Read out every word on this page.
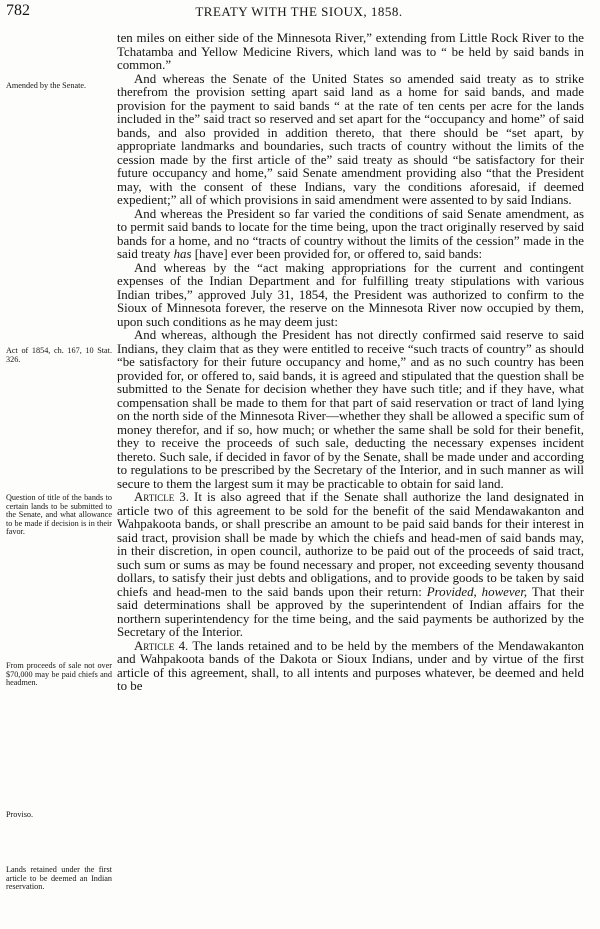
782	TREATY WITH THE SIOUX, 1858.
Amended by the Senate.
Act of 1854, ch. 167, 10 Stat. 326.
Question of title of the bands to certain lands to be submitted to the Senate, and what allowance to be made if decision is in their favor.
From proceeds of sale not over $70,000 may be paid chiefs and headmen.
Proviso.
Lands retained under the first article to be deemed an Indian reservation.

ten miles on either side of the Minnesota River,” extending from Little Rock River to the Tchatamba and Yellow Medicine Rivers, which land was to “ be held by said bands in common.”

And whereas the Senate of the United States so amended said treaty as to strike therefrom the provision setting apart said land as a home for said bands, and made provision for the payment to said bands “ at the rate of ten cents per acre for the lands included in the” said tract so reserved and set apart for the “occupancy and home” of said bands, and also provided in addition thereto, that there should be “set apart, by appropriate landmarks and boundaries, such tracts of country without the limits of the cession made by the first article of the” said treaty as should “be satisfactory for their future occupancy and home,” said Senate amendment providing also “that the President may, with the consent of these Indians, vary the conditions aforesaid, if deemed expedient;” all of which provisions in said amendment were assented to by said Indians.

And whereas the President so far varied the conditions of said Senate amendment, as to permit said bands to locate for the time being, upon the tract originally reserved by said bands for a home, and no “tracts of country without the limits of the cession” made in the said treaty has [have] ever been provided for, or offered to, said bands:

And whereas by the “act making appropriations for the current and contingent expenses of the Indian Department and for fulfilling treaty stipulations with various Indian tribes,” approved July 31, 1854, the President was authorized to confirm to the Sioux of Minnesota forever, the reserve on the Minnesota River now occupied by them, upon such conditions as he may deem just:

And whereas, although the President has not directly confirmed said reserve to said Indians, they claim that as they were entitled to receive “such tracts of country” as should “be satisfactory for their future occupancy and home,” and as no such country has been provided for, or offered to, said bands, it is agreed and stipulated that the question shall be submitted to the Senate for decision whether they have such title; and if they have, what compensation shall be made to them for that part of said reservation or tract of land lying on the north side of the Minnesota River—whether they shall be allowed a specific sum of money therefor, and if so, how much; or whether the same shall be sold for their benefit, they to receive the proceeds of such sale, deducting the necessary expenses incident thereto. Such sale, if decided in favor of by the Senate, shall be made under and according to regulations to be prescribed by the Secretary of the Interior, and in such manner as will secure to them the largest sum it may be practicable to obtain for said land.

Article 3. It is also agreed that if the Senate shall authorize the land designated in article two of this agreement to be sold for the benefit of the said Mendawakanton and Wahpakoota bands, or shall prescribe an amount to be paid said bands for their interest in said tract, provision shall be made by which the chiefs and head-men of said bands may, in their discretion, in open council, authorize to be paid out of the proceeds of said tract, such sum or sums as may be found necessary and proper, not exceeding seventy thousand dollars, to satisfy their just debts and obligations, and to provide goods to be taken by said chiefs and head-men to the said bands upon their return: Provided, however, That their said determinations shall be approved by the superintendent of Indian affairs for the northern superintendency for the time being, and the said payments be authorized by the Secretary of the Interior.

Article 4. The lands retained and to be held by the members of the Mendawakanton and Wahpakoota bands of the Dakota or Sioux Indians, under and by virtue of the first article of this agreement, shall, to all intents and purposes whatever, be deemed and held to be
